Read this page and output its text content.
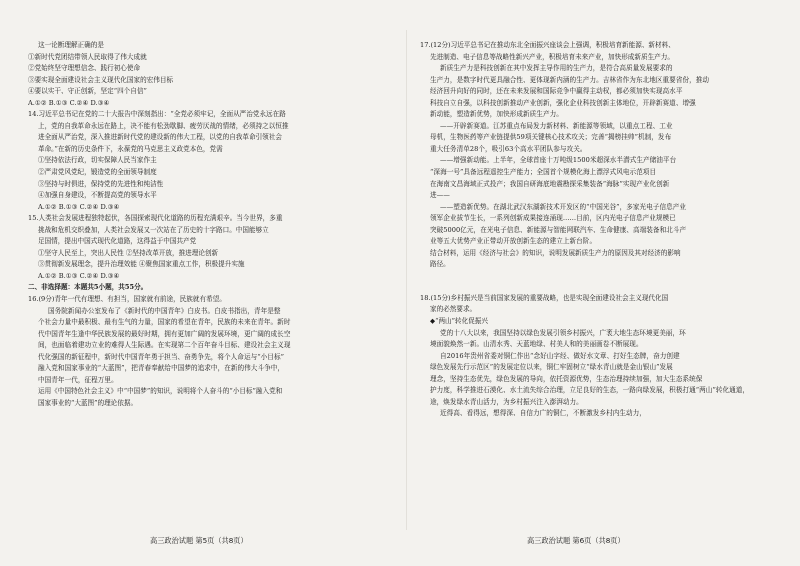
这一论断理解正确的是
①新时代党团结带领人民取得了伟大成就
②党始终坚守理想信念、践行初心使命
③要实现全面建设社会主义现代化国家的宏伟目标
④要以实干、守正创新，坚定“四个自信”
A.①② B.①③ C.②④ D.③④
14.习近平总书记在党的二十大报告中深刻指出：“全党必须牢记，全面从严治党永远在路
上，党的自我革命永远在路上，决不能有松劲歇脚、疲劳厌战的情绪，必须持之以恒推
进全面从严治党，深入推进新时代党的建设新的伟大工程，以党的自我革命引领社会
革命。”在新的历史条件下，永葆党的马克思主义政党本色，党需
①坚持依法行政，切实保障人民当家作主
②严肃党风党纪，锻造党的全面领导制度
③坚持与时俱进，保持党的先进性和纯洁性
④加强自身建设，不断提高党的领导水平
A.①② B.①③ C.②④ D.③④
15.人类社会发展进程独特起伏，各国探索现代化道路的历程充满艰辛。当今世界，多重
挑战和危机交织叠加，人类社会发展又一次站在了历史的十字路口。中国能够立
足国情，提出中国式现代化道路，这得益于中国共产党
①坚守人民至上，突出人民性 ②坚持改革开放，推进理论创新
③贯彻新发展理念，提升治理效能 ④聚焦国家重点工作，积极提升实施
A.①② B.①③ C.②④ D.③④
二、非选择题：本题共5小题，共55分。
16.(9分)青年一代有理想、有担当，国家就有前途，民族就有希望。
国务院新闻办公室发布了《新时代的中国青年》白皮书。白皮书指出，青年是整
个社会力量中最积极、最有生气的力量，国家的希望在青年，民族的未来在青年。新时
代中国青年生逢中华民族发展的最好时期，拥有更加广阔的发展环境，更广阔的成长空
间，也面临着建功立业的难得人生际遇。在实现第二个百年奋斗目标、建设社会主义现
代化强国的新征程中，新时代中国青年勇于担当、奋勇争先，将个人命运与“小目标”
融入党和国家事业的“大蓝图”，把青春奉献给中国梦的追求中，在新的伟大斗争中，
中国青年一代，征程万里。
运用《中国特色社会主义》中“中国梦”的知识，说明将个人奋斗的“小目标”融入党和
国家事业的“大蓝图”的理论依据。
17.(12分)习近平总书记在推动东北全面振兴座谈会上强调，积极培育新能源、新材料、
先进制造、电子信息等战略性新兴产业，积极培育未来产业，加快形成新质生产力。
新质生产力是科技创新在其中发挥主导作用的生产力，是符合高质量发展要求的
生产力，是数字时代更具融合性、更体现新内涵的生产力。吉林省作为东北地区重要省份，推动
经济回升向好的同时，还在未来发展和国际竞争中赢得主动权，都必须加快实现高水平
科技自立自强，以科技创新推动产业创新，强化企业科技创新主体地位，开辟新赛道、增强
新动能，塑造新优势，加快形成新质生产力。
——开辟新赛道。江苏重点布局发力新材料、新能源等领域，以重点工程、工业
母机，生物医药等产业链提供59项关键核心技术攻关；完善“揭榜挂帅”机制，发布
重大任务清单28个，吸引63个高水平团队参与攻关。
——增强新动能。上半年，全球首座十万吨级1500米超深水半潜式生产储油平台
“深海一号”具备远程遥控生产能力；全国首个规模化海上漂浮式风电示范项目
在海南文昌海域正式投产；我国自研海底地震勘探采集装备“海脉”实现产业化创新
进——
——塑造新优势。在湖北武汉东湖新技术开发区的“中国光谷”，多家光电子信息产业
领军企业拔节生长，一系列创新成果接连涌现……目前，区内光电子信息产业规模已
突破5000亿元，在光电子信息、新能源与智能网联汽车、生命健康、高端装备和北斗产
业等五大优势产业正带动开放创新生态的建立上新台阶。
结合材料，运用《经济与社会》的知识，说明发展新质生产力的原因及其对经济的影响
路径。
18.(15分)乡村振兴是当前国家发展的重要战略，也是实现全面建设社会主义现代化国
家的必然要求。
◆“两山”转化促振兴
党的十八大以来，我国坚持以绿色发展引领乡村振兴，广袤大地生态环境更美丽，环
境面貌焕然一新。山清水秀、天蓝地绿、村美人和的美丽画卷不断展现。
自2016年贵州省委对铜仁作出“念好山字经、做好水文章、打好生态牌，奋力创建
绿色发展先行示范区”的发展定位以来，铜仁牢固树立“绿水青山就是金山银山”发展
理念，坚持生态优先，绿色发展的导向，依托资源优势，生态治理持续加强，加大生态系统保
护力度，科学推进石漠化、水土流失综合治理，立足良好的生态，一路向绿发展，积极打通“两山”转化通道，
途，焕发绿水青山活力，为乡村振兴注入澎湃动力。
近得高、看得远，想得深、自信力广的铜仁，不断激发乡村内生动力，
高三政治试题 第5页（共8页）	高三政治试题 第6页（共8页）
